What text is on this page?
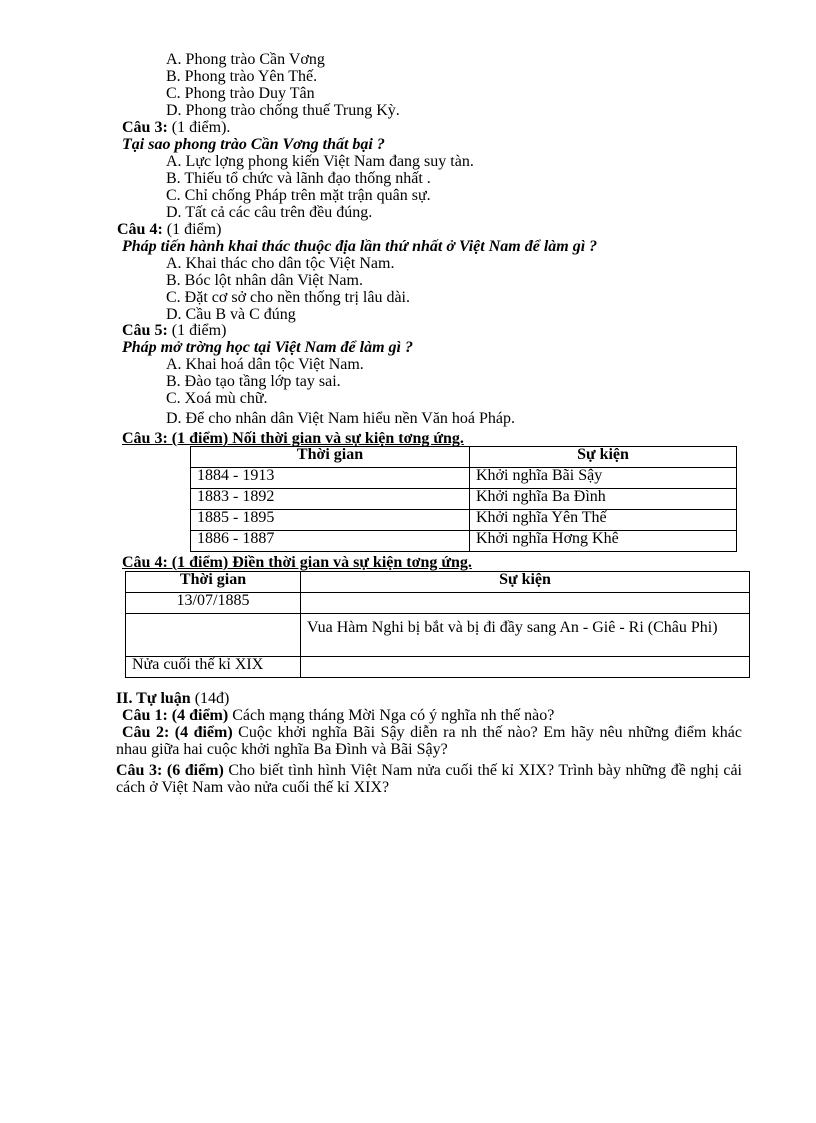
A. Phong trào Cần Vơng
B. Phong trào Yên Thế.
C. Phong trào Duy Tân
D. Phong trào chống thuế Trung Kỳ.
Câu 3: (1 điểm).
Tại sao phong trào Cần Vơng thất bại ?
A. Lực lợng phong kiến Việt Nam đang suy tàn.
B. Thiếu tổ chức và lãnh đạo thống nhất .
C. Chỉ chống Pháp trên mặt trận quân sự.
D. Tất cả các câu trên đều đúng.
Câu 4: (1 điểm)
Pháp tiến hành khai thác thuộc địa lần thứ nhất ở Việt Nam để làm gì ?
A. Khai thác cho dân tộc Việt Nam.
B. Bóc lột nhân dân Việt Nam.
C. Đặt cơ sở cho nền thống trị lâu dài.
D. Cầu B và C đúng
Câu 5: (1 điểm)
Pháp mở trờng học tại Việt Nam để làm gì ?
A. Khai hoá dân tộc Việt Nam.
B. Đào tạo tầng lớp tay sai.
C. Xoá mù chữ.
D. Để cho nhân dân Việt Nam hiểu nền Văn hoá Pháp.
Câu 3: (1 điểm) Nối thời gian và sự kiện tơng ứng.
Thời gian	Sự kiện
1884 - 1913	Khởi nghĩa Bãi Sậy
1883 - 1892	Khởi nghĩa Ba Đình
1885 - 1895	Khởi nghĩa Yên Thế
1886 - 1887	Khởi nghĩa Hơng Khê
Câu 4: (1 điểm) Điền thời gian và sự kiện tơng ứng.
Thời gian	Sự kiện
13/07/1885	
	Vua Hàm Nghi bị bắt và bị đi đầy sang An - Giê - Ri (Châu Phi)
Nửa cuối thế kỉ XIX	
II. Tự luận (14đ)
Câu 1: (4 điểm) Cách mạng tháng Mời Nga có ý nghĩa nh thế nào?
Câu 2: (4 điểm) Cuộc khởi nghĩa Bãi Sậy diễn ra nh thế nào? Em hãy nêu những điểm khác nhau giữa hai cuộc khởi nghĩa Ba Đình và Bãi Sậy?
Câu 3: (6 điểm) Cho biết tình hình Việt Nam nửa cuối thế kỉ XIX? Trình bày những đề nghị cải cách ở Việt Nam vào nửa cuối thế kỉ XIX?
